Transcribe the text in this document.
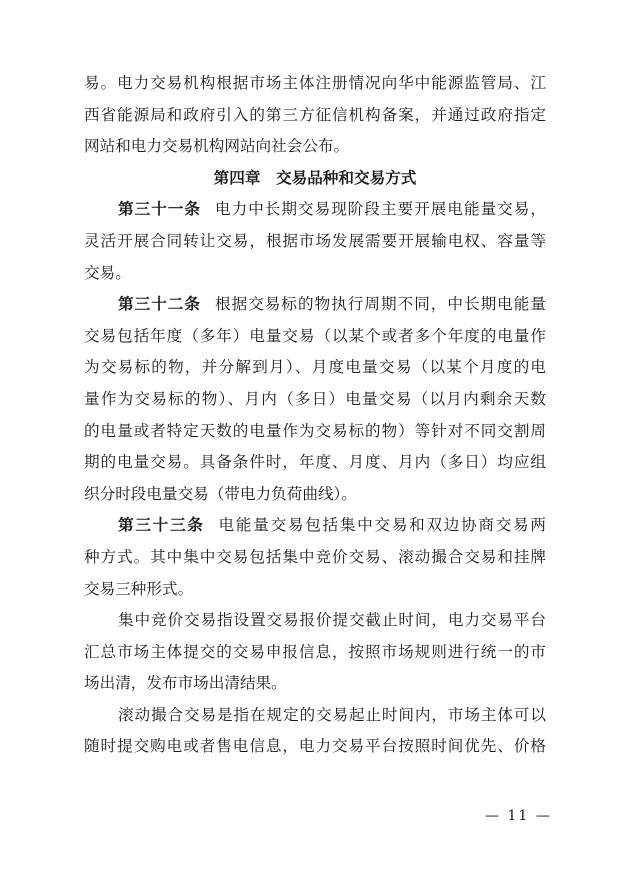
易。电力交易机构根据市场主体注册情况向华中能源监管局、江
西省能源局和政府引入的第三方征信机构备案，并通过政府指定
网站和电力交易机构网站向社会公布。
第四章　交易品种和交易方式
第三十一条 电力中长期交易现阶段主要开展电能量交易，
灵活开展合同转让交易，根据市场发展需要开展输电权、容量等
交易。
第三十二条 根据交易标的物执行周期不同，中长期电能量
交易包括年度（多年）电量交易（以某个或者多个年度的电量作
为交易标的物，并分解到月）、月度电量交易（以某个月度的电
量作为交易标的物）、月内（多日）电量交易（以月内剩余天数
的电量或者特定天数的电量作为交易标的物）等针对不同交割周
期的电量交易。具备条件时，年度、月度、月内（多日）均应组
织分时段电量交易（带电力负荷曲线）。
第三十三条 电能量交易包括集中交易和双边协商交易两
种方式。其中集中交易包括集中竞价交易、滚动撮合交易和挂牌
交易三种形式。
集中竞价交易指设置交易报价提交截止时间，电力交易平台
汇总市场主体提交的交易申报信息，按照市场规则进行统一的市
场出清，发布市场出清结果。
滚动撮合交易是指在规定的交易起止时间内，市场主体可以
随时提交购电或者售电信息，电力交易平台按照时间优先、价格
— 11 —
